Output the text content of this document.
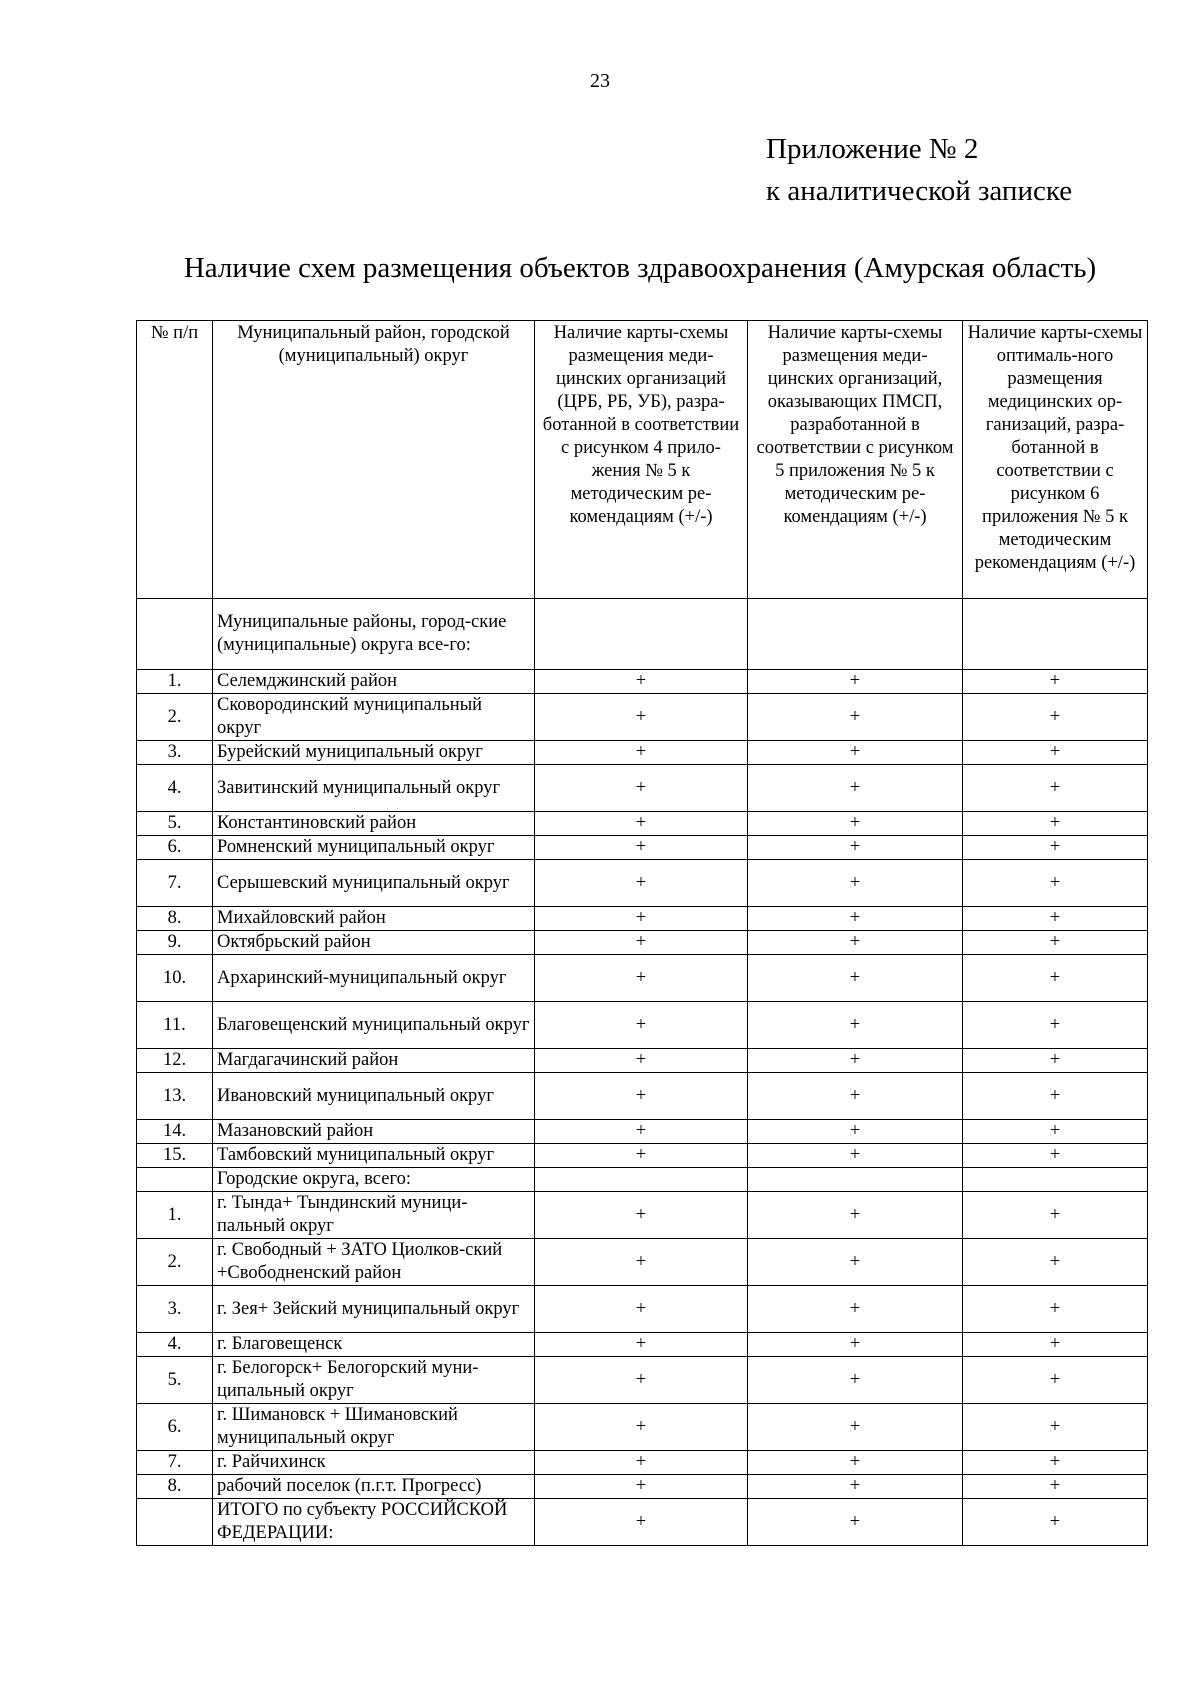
23
Приложение № 2
к аналитической записке
Наличие схем размещения объектов здравоохранения (Амурская область)
№ п/п	Муниципальный район, городской (муниципальный) округ	Наличие карты-схемы размещения меди-цинских организаций (ЦРБ, РБ, УБ), разра-ботанной в соответствии с рисунком 4 прило-жения № 5 к методическим ре-комендациям (+/-)	Наличие карты-схемы размещения меди-цинских организаций, оказывающих ПМСП, разработанной в соответствии с рисунком 5 приложения № 5 к методическим ре-комендациям (+/-)	Наличие карты-схемы оптималь-ного размещения медицинских ор-ганизаций, разра-ботанной в соответствии с рисунком 6 приложения № 5 к методическим рекомендациям (+/-)
	Муниципальные районы, город-ские (муниципальные) округа все-го:			
1.	Селемджинский район	+	+	+
2.	Сковородинский муниципальный округ	+	+	+
3.	Бурейский муниципальный округ	+	+	+
4.	Завитинский муниципальный округ	+	+	+
5.	Константиновский район	+	+	+
6.	Ромненский муниципальный округ	+	+	+
7.	Серышевский муниципальный округ	+	+	+
8.	Михайловский район	+	+	+
9.	Октябрьский район	+	+	+
10.	Архаринский-муниципальный округ	+	+	+
11.	Благовещенский муниципальный округ	+	+	+
12.	Магдагачинский район	+	+	+
13.	Ивановский муниципальный округ	+	+	+
14.	Мазановский район	+	+	+
15.	Тамбовский муниципальный округ	+	+	+
	Городские округа, всего:			
1.	г. Тында+ Тындинский муници-пальный округ	+	+	+
2.	г. Свободный + ЗАТО Циолков-ский +Свободненский район	+	+	+
3.	г. Зея+ Зейский муниципальный округ	+	+	+
4.	г. Благовещенск	+	+	+
5.	г. Белогорск+ Белогорский муни-ципальный округ	+	+	+
6.	г. Шимановск + Шимановский муниципальный округ	+	+	+
7.	г. Райчихинск	+	+	+
8.	рабочий поселок (п.г.т. Прогресс)	+	+	+
	ИТОГО по субъекту РОССИЙСКОЙ ФЕДЕРАЦИИ:	+	+	+
